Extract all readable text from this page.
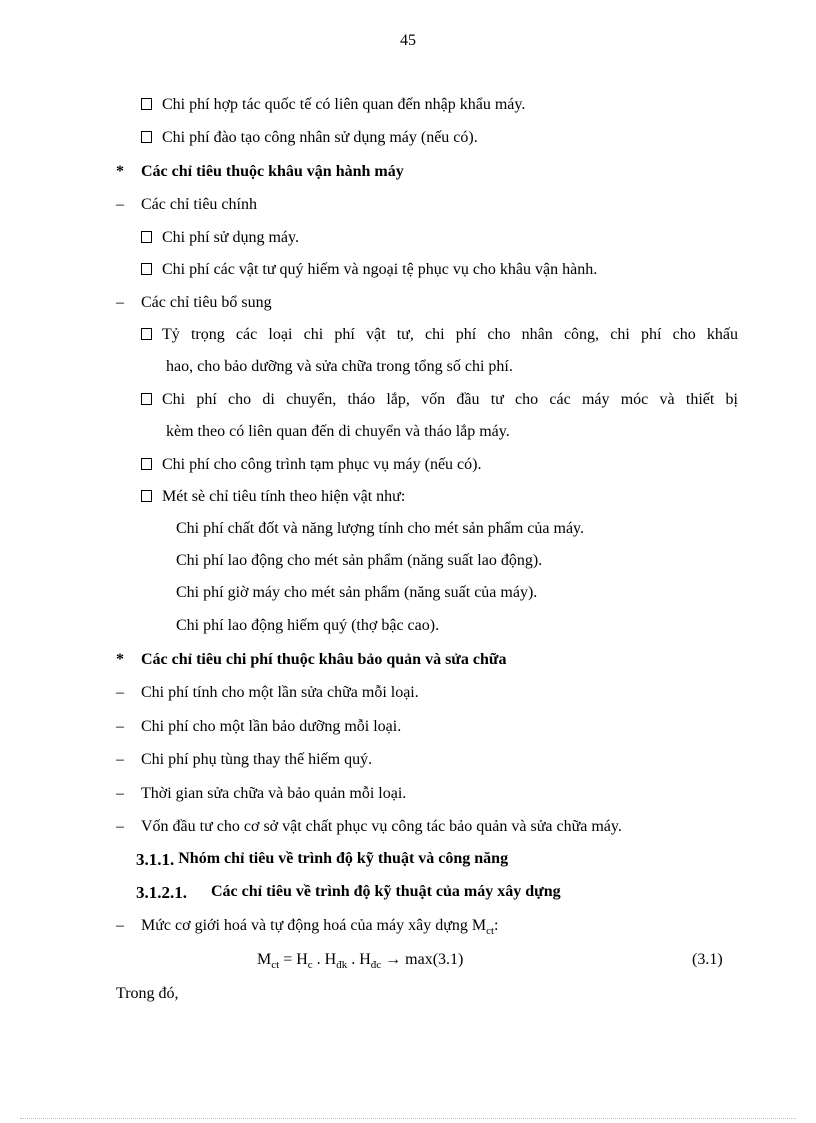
45
Chi phí hợp tác quốc tế có liên quan đến nhập khẩu máy.
Chi phí đào tạo công nhân sử dụng máy (nếu có).
* Các chỉ tiêu thuộc khâu vận hành máy
– Các chỉ tiêu chính
Chi phí sử dụng máy.
Chi phí các vật tư quý hiếm và ngoại tệ phục vụ cho khâu vận hành.
– Các chỉ tiêu bổ sung
Tỷ trọng các loại chi phí vật tư, chi phí cho nhân công, chi phí cho khấu
hao, cho bảo dưỡng và sửa chữa trong tổng số chi phí.
Chi phí cho di chuyển, tháo lắp, vốn đầu tư cho các máy móc và thiết bị
kèm theo có liên quan đến di chuyển và tháo lắp máy.
Chi phí cho công trình tạm phục vụ máy (nếu có).
Mét sè chỉ tiêu tính theo hiện vật như:
Chi phí chất đốt và năng lượng tính cho mét sản phẩm của máy.
Chi phí lao động cho mét sản phẩm (năng suất lao động).
Chi phí giờ máy cho mét sản phẩm (năng suất của máy).
Chi phí lao động hiếm quý (thợ bậc cao).
* Các chỉ tiêu chi phí thuộc khâu bảo quản và sửa chữa
– Chi phí tính cho một lần sửa chữa mỗi loại.
– Chi phí cho một lần bảo dưỡng mỗi loại.
– Chi phí phụ tùng thay thế hiếm quý.
– Thời gian sửa chữa và bảo quản mỗi loại.
– Vốn đầu tư cho cơ sở vật chất phục vụ công tác bảo quản và sửa chữa máy.
3.1.1. Nhóm chỉ tiêu về trình độ kỹ thuật và công năng
3.1.2.1. Các chỉ tiêu về trình độ kỹ thuật của máy xây dựng
– Mức cơ giới hoá và tự động hoá của máy xây dựng $M_{ct}$:
$M_{ct} = H_c$ . $H_{đk}$ . $H_{đc} \to \max(3.1)$	(3.1)
Trong đó,
